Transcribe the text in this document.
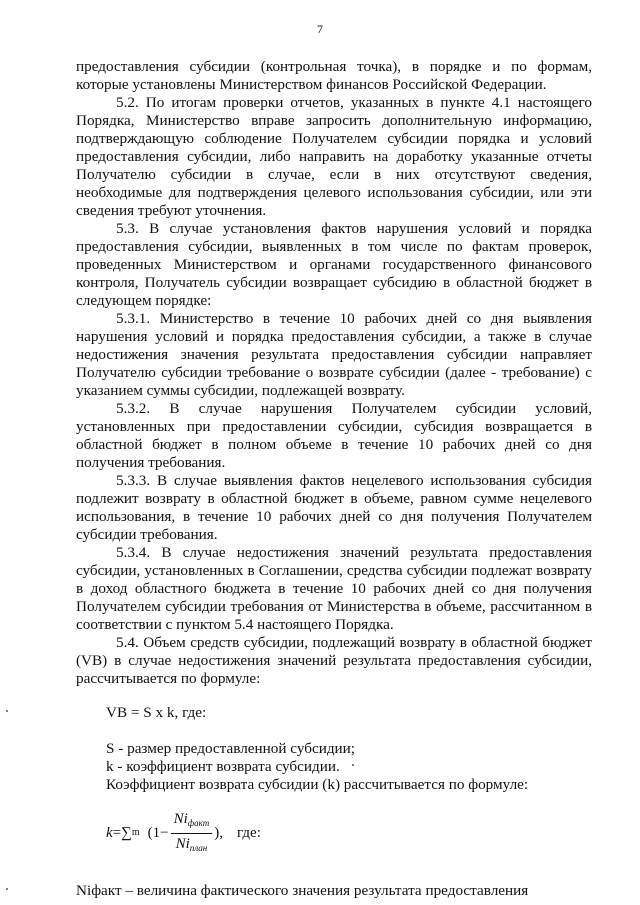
7

предоставления субсидии (контрольная точка), в порядке и по формам, которые установлены Министерством финансов Российской Федерации.

5.2. По итогам проверки отчетов, указанных в пункте 4.1 настоящего Порядка, Министерство вправе запросить дополнительную информацию, подтверждающую соблюдение Получателем субсидии порядка и условий предоставления субсидии, либо направить на доработку указанные отчеты Получателю субсидии в случае, если в них отсутствуют сведения, необходимые для подтверждения целевого использования субсидии, или эти сведения требуют уточнения.

5.3. В случае установления фактов нарушения условий и порядка предоставления субсидии, выявленных в том числе по фактам проверок, проведенных Министерством и органами государственного финансового контроля, Получатель субсидии возвращает субсидию в областной бюджет в следующем порядке:

5.3.1. Министерство в течение 10 рабочих дней со дня выявления нарушения условий и порядка предоставления субсидии, а также в случае недостижения значения результата предоставления субсидии направляет Получателю субсидии требование о возврате субсидии (далее - требование) с указанием суммы субсидии, подлежащей возврату.

5.3.2. В случае нарушения Получателем субсидии условий, установленных при предоставлении субсидии, субсидия возвращается в областной бюджет в полном объеме в течение 10 рабочих дней со дня получения требования.

5.3.3. В случае выявления фактов нецелевого использования субсидия подлежит возврату в областной бюджет в объеме, равном сумме нецелевого использования, в течение 10 рабочих дней со дня получения Получателем субсидии требования.

5.3.4. В случае недостижения значений результата предоставления субсидии, установленных в Соглашении, средства субсидии подлежат возврату в доход областного бюджета в течение 10 рабочих дней со дня получения Получателем субсидии требования от Министерства в объеме, рассчитанном в соответствии с пунктом 5.4 настоящего Порядка.

5.4. Объем средств субсидии, подлежащий возврату в областной бюджет (VB) в случае недостижения значений результата предоставления субсидии, рассчитывается по формуле:

VB = S x k, где:

S - размер предоставленной субсидии;

k - коэффициент возврата субсидии.

Коэффициент возврата субсидии (k) рассчитывается по формуле:

k = ∑ m ($1- \frac{Ni_{факт}}{Ni_{план}}$ ), где:

Niфакт – величина фактического значения результата предоставления
